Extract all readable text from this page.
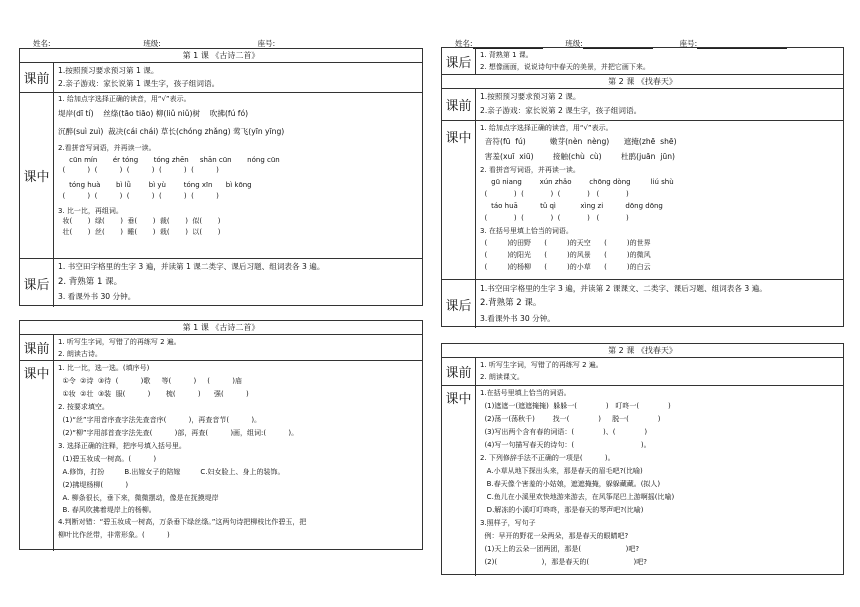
姓名:	班级:	座号:	姓名:	班级:	座号:
第 1 课 《古诗二首》
课前
1.按照预习要求预习第 1 课。
2.亲子游戏：家长说第 1 课生字，孩子组词语。
课中
1. 给加点字选择正确的读音，用“√”表示。
堤岸(dī tí)    丝绦(tāo tiāo) 柳(liǔ niǔ)树    吹拂(fú fó)
沉醉(suì zuì)  裁决(cái chái) 草长(chóng zhǎng) 莺飞(yīn yīng)
2.看拼音写词语，并再读一读。
cūn mín       ér tóng       tóng zhēn     shān cūn       nóng cūn
(          )  (          )  (          )  (          )  (          )
tóng huà       bì lǜ        bì yù        tóng xīn      bì kōng
(          )  (          )  (          )  (          )  (          )
3. 比一比，再组词。
妆(       )  绿(       )  垂(       )  裁(       )  似(       )
壮(       )  丝(       )  睡(       )  栽(       )  以(       )
课后
1. 书空田字格里的生字 3 遍，并读第 1 课二类字、课后习题、组词表各 3 遍。
2. 背熟第 1 课。
3. 看课外书 30 分钟。
第 1 课 《古诗二首》
课前	1. 听写生字词，写错了的再练写 2 遍。
2. 朗读古诗。
课中	1. 比一比，选一选。(填序号)
①令  ②诗  ③待  (          )歌     等(          )     (          )庙
①妆  ②壮  ③装  服(          )       梳(          )      强(          )
2. 按要求填空。
(1)“丝”字用音序查字法先查音序(          )，再查音节(          )。
(2)“柳”字用部首查字法先查(          )部，再查(          )画，组词:(          )。
3. 选择正确的注释，把序号填入括号里。
(1)碧玉妆成一树高。(          )
A.修饰，打扮         B.出嫁女子的陪嫁         C.妇女脸上、身上的装饰。
(2)拂堤杨柳(          )
A. 柳条很长，垂下来，微微摆动，像是在抚摸堤岸
B. 春风吹拂着堤岸上的杨柳。
4.判断对错：“碧玉妆成一树高，万条垂下绿丝绦。”这两句诗把柳枝比作碧玉，把
柳叶比作丝带，非常形象。(          )
课后
1. 背熟第 1 课。
2. 想像画面，说说诗句中春天的美景，并把它画下来。
第 2 课 《找春天》
课前
1.按照预习要求预习第 2 课。
2.亲子游戏：家长说第 2 课生字，孩子组词语。
课中
1. 给加点字选择正确的读音，用“√”表示。
音符(fū  fú)          嫩芽(nèn  nèng)      遮掩(zhē  shē)
害羞(xuī  xiū)        接触(chù  cù)        杜鹃(juān  jūn)
2. 看拼音写词语，并再读一读。
gū niang        xún zhǎo        chōng dòng         liú shù
(            )  (            )  (            )   (            )
táo huā          tǔ qì           xìng zi          dōng dōng
(            )  (            )  (            )   (            )
3. 在括号里填上恰当的词语。
(         )的田野      (         )的天空      (         )的世界
(         )的阳光      (         )的风景      (         )的微风
(         )的杨柳      (         )的小草      (         )的白云
课后
1.书空田字格里的生字 3 遍，并读第 2 课课文、二类字、课后习题、组词表各 3 遍。
2.背熟第 2 课。
3.看课外书 30 分钟。
第 2 课 《找春天》
课前
1. 听写生字词，写错了的再练写 2 遍。
2. 朗读课文。
课中	1.在括号里填上恰当的词语。
(1)遮遮一(遮遮掩掩)  躲躲一(             )   叮咚一(             )
(2)荡一(荡秋千)        找一(             )     脱一(             )
(3)写出两个含有春的词语：(             )、(             )
(4)写一句描写春天的诗句：(                              )。
2. 下列修辞手法不正确的一项是(          )。
A.小草从地下探出头来，那是春天的眉毛吧?(比喻)
B.春天像个害羞的小姑娘，遮遮掩掩，躲躲藏藏。(拟人)
C.鱼儿在小溪里欢快地游来游去，在风筝尾巴上游啊摇(比喻)
D.解冻的小溪叮叮咚咚，那是春天的琴声吧?(比喻)
3.照样子，写句子
例：早开的野花一朵两朵，那是春天的眼睛吧?
(1)天上的云朵一团两团，那是(                    )吧?
(2)(                    )，那是春天的(                    )吧?
